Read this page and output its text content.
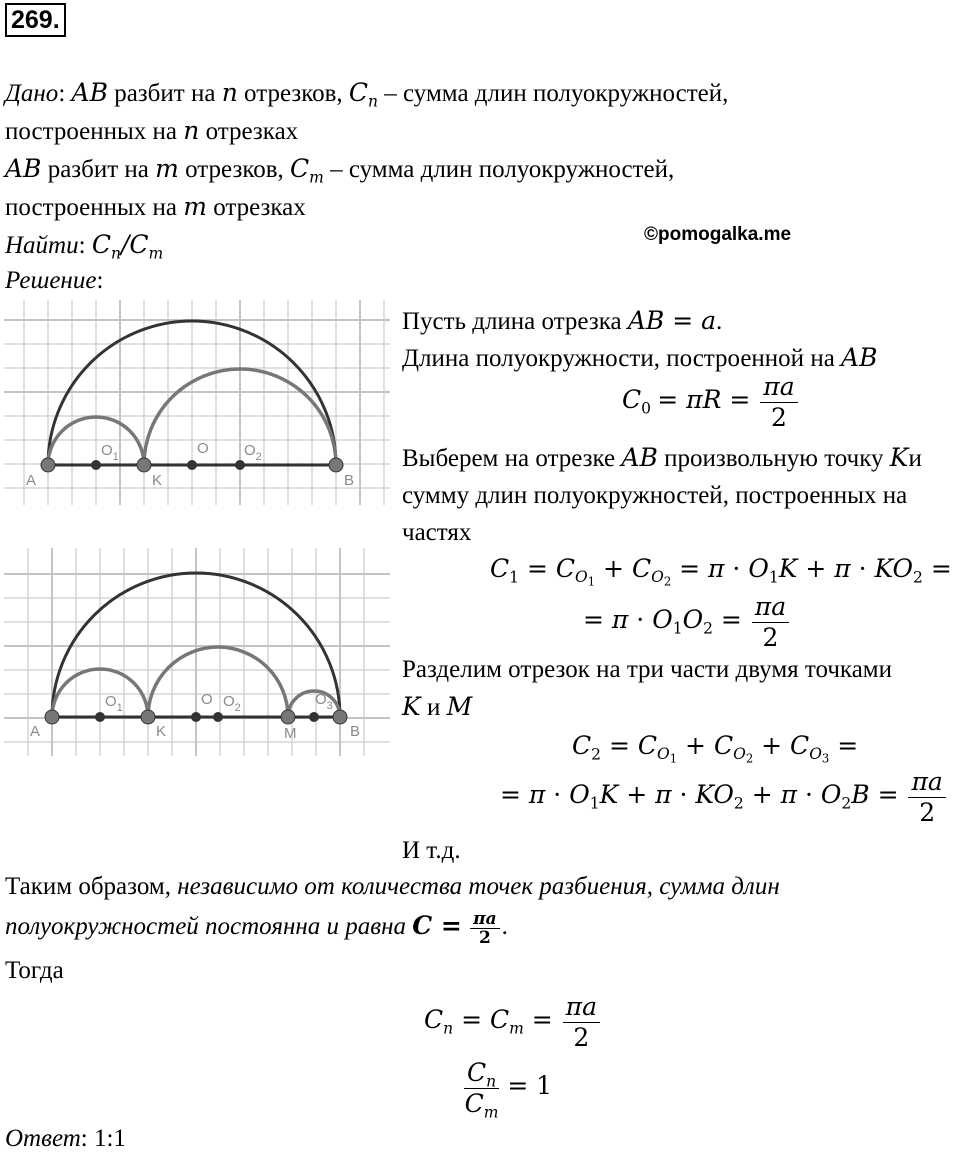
269.
Дано: AB разбит на n отрезков, $C_n$ – сумма длин полуокружностей,
построенных на n отрезках
AB разбит на m отрезков, $C_m$ – сумма длин полуокружностей,
построенных на m отрезках
Найти: $C_n/C_m$
©pomogalka.me
Решение:
A	K	B
$O_1$	O $O_2$
A	K	M	B
$O_1$	O $O_2$	$O_3$
Пусть длина отрезка AB = a.
Длина полуокружности, построенной на AB
$C_0 = \pi R = \frac{\pi a}{2}$
Выберем на отрезке AB произвольную точку Kи
сумму длин полуокружностей, построенных на
частях
$C_1 = C_{O_1} + C_{O_2} = \pi \cdot O_1K + \pi \cdot KO_2$ =
= $\pi \cdot O_1O_2 = \frac{\pi a}{2}$
Разделим отрезок на три части двумя точками
K и M
$C_2 = C_{O_1} + C_{O_2} + C_{O_3}$ =
= $\pi \cdot O_1K + \pi \cdot KO_2 + \pi \cdot O_2B = \frac{\pi a}{2}$
И т.д.
Таким образом, независимо от количества точек разбиения, сумма длин
полуокружностей постоянна и равна $C = \frac{\pi a}{2}$ .
Тогда
$C_n = C_m = \frac{\pi a}{2}$
$\frac{C_n}{C_m} = 1$
Ответ: 1:1
